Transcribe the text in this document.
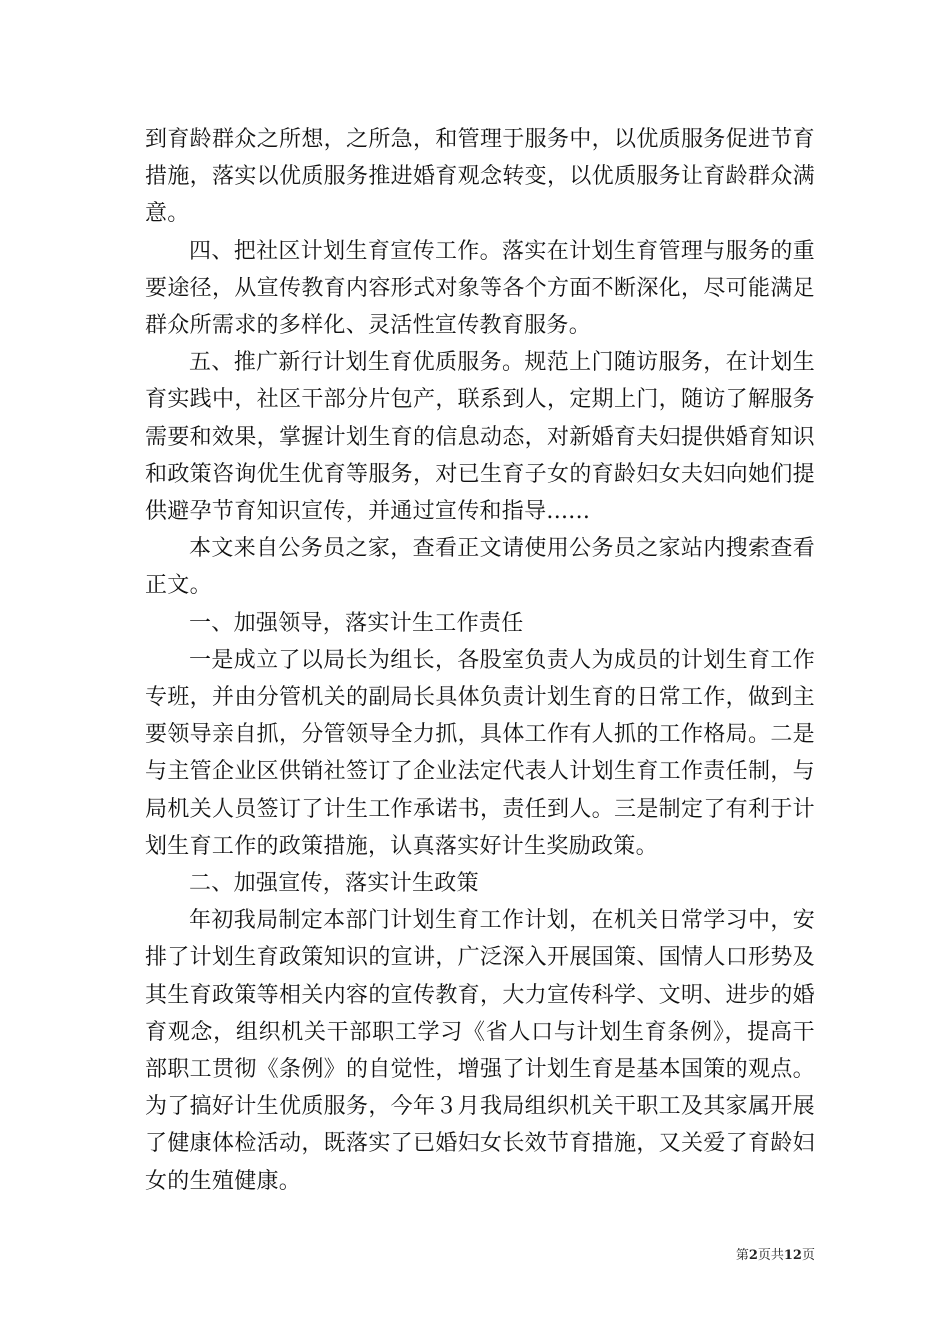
到育龄群众之所想，之所急，和管理于服务中，以优质服务促进节育措施，落实以优质服务推进婚育观念转变，以优质服务让育龄群众满意。

四、把社区计划生育宣传工作。落实在计划生育管理与服务的重要途径，从宣传教育内容形式对象等各个方面不断深化，尽可能满足群众所需求的多样化、灵活性宣传教育服务。

五、推广新行计划生育优质服务。规范上门随访服务，在计划生育实践中，社区干部分片包产，联系到人，定期上门，随访了解服务需要和效果，掌握计划生育的信息动态，对新婚育夫妇提供婚育知识和政策咨询优生优育等服务，对已生育子女的育龄妇女夫妇向她们提供避孕节育知识宣传，并通过宣传和指导......

本文来自公务员之家，查看正文请使用公务员之家站内搜索查看正文。

一、加强领导，落实计生工作责任

一是成立了以局长为组长，各股室负责人为成员的计划生育工作专班，并由分管机关的副局长具体负责计划生育的日常工作，做到主要领导亲自抓，分管领导全力抓，具体工作有人抓的工作格局。二是与主管企业区供销社签订了企业法定代表人计划生育工作责任制，与局机关人员签订了计生工作承诺书，责任到人。三是制定了有利于计划生育工作的政策措施，认真落实好计生奖励政策。

二、加强宣传，落实计生政策

年初我局制定本部门计划生育工作计划，在机关日常学习中，安排了计划生育政策知识的宣讲，广泛深入开展国策、国情人口形势及其生育政策等相关内容的宣传教育，大力宣传科学、文明、进步的婚育观念，组织机关干部职工学习《省人口与计划生育条例》，提高干部职工贯彻《条例》的自觉性，增强了计划生育是基本国策的观点。为了搞好计生优质服务，今年３月我局组织机关干职工及其家属开展了健康体检活动，既落实了已婚妇女长效节育措施，又关爱了育龄妇女的生殖健康。

第2页共12页
